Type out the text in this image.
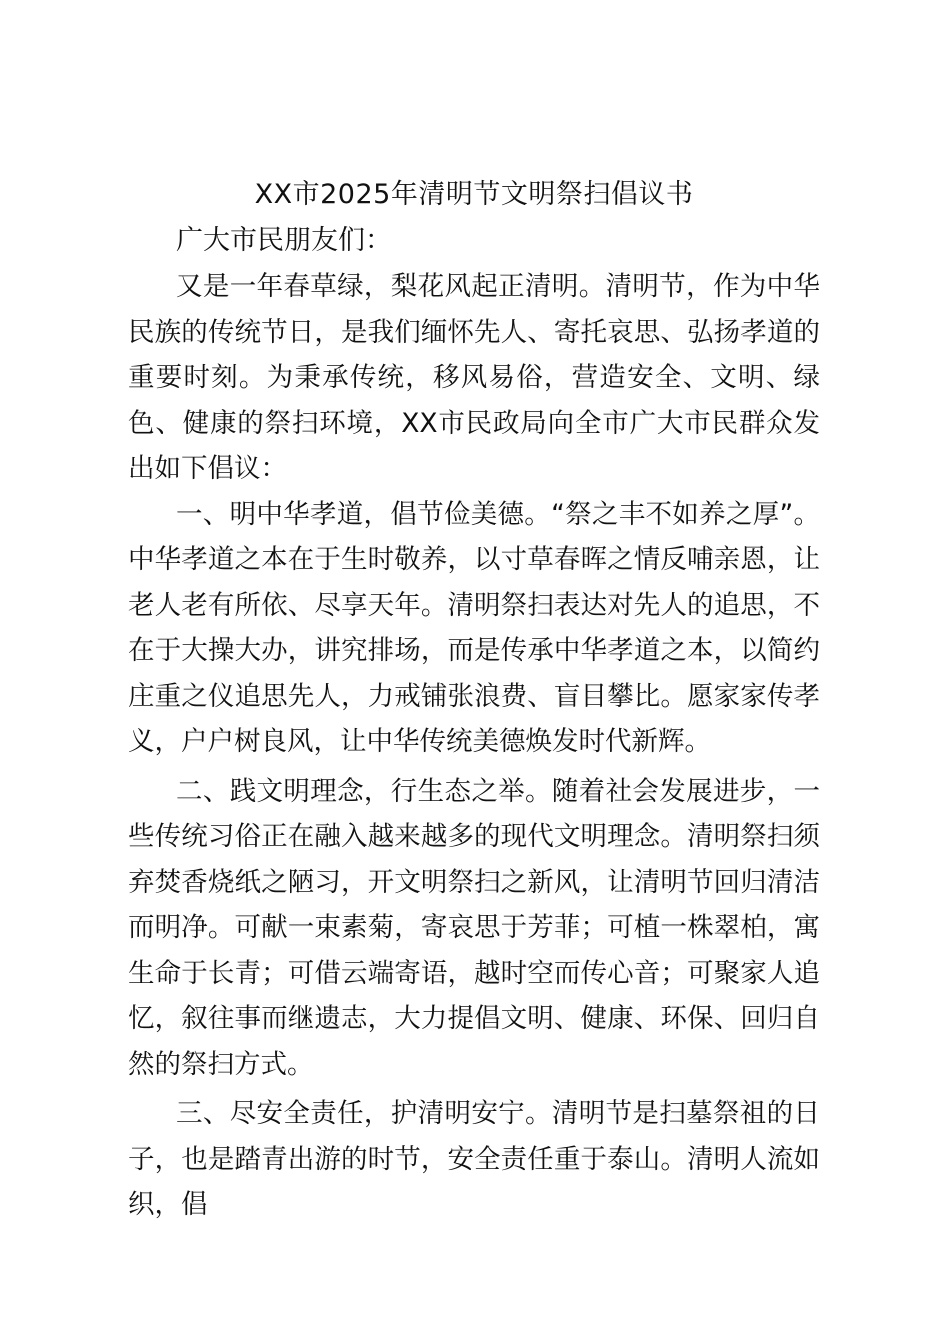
XX市2025年清明节文明祭扫倡议书

广大市民朋友们：

又是一年春草绿，梨花风起正清明。清明节，作为中华民族的传统节日，是我们缅怀先人、寄托哀思、弘扬孝道的重要时刻。为秉承传统，移风易俗，营造安全、文明、绿色、健康的祭扫环境，XX市民政局向全市广大市民群众发出如下倡议：

一、明中华孝道，倡节俭美德。“祭之丰不如养之厚”。中华孝道之本在于生时敬养，以寸草春晖之情反哺亲恩，让老人老有所依、尽享天年。清明祭扫表达对先人的追思，不在于大操大办，讲究排场，而是传承中华孝道之本，以简约庄重之仪追思先人，力戒铺张浪费、盲目攀比。愿家家传孝义，户户树良风，让中华传统美德焕发时代新辉。

二、践文明理念，行生态之举。随着社会发展进步，一些传统习俗正在融入越来越多的现代文明理念。清明祭扫须弃焚香烧纸之陋习，开文明祭扫之新风，让清明节回归清洁而明净。可献一束素菊，寄哀思于芳菲；可植一株翠柏，寓生命于长青；可借云端寄语，越时空而传心音；可聚家人追忆，叙往事而继遗志，大力提倡文明、健康、环保、回归自然的祭扫方式。

三、尽安全责任，护清明安宁。清明节是扫墓祭祖的日子，也是踏青出游的时节，安全责任重于泰山。清明人流如织，倡
